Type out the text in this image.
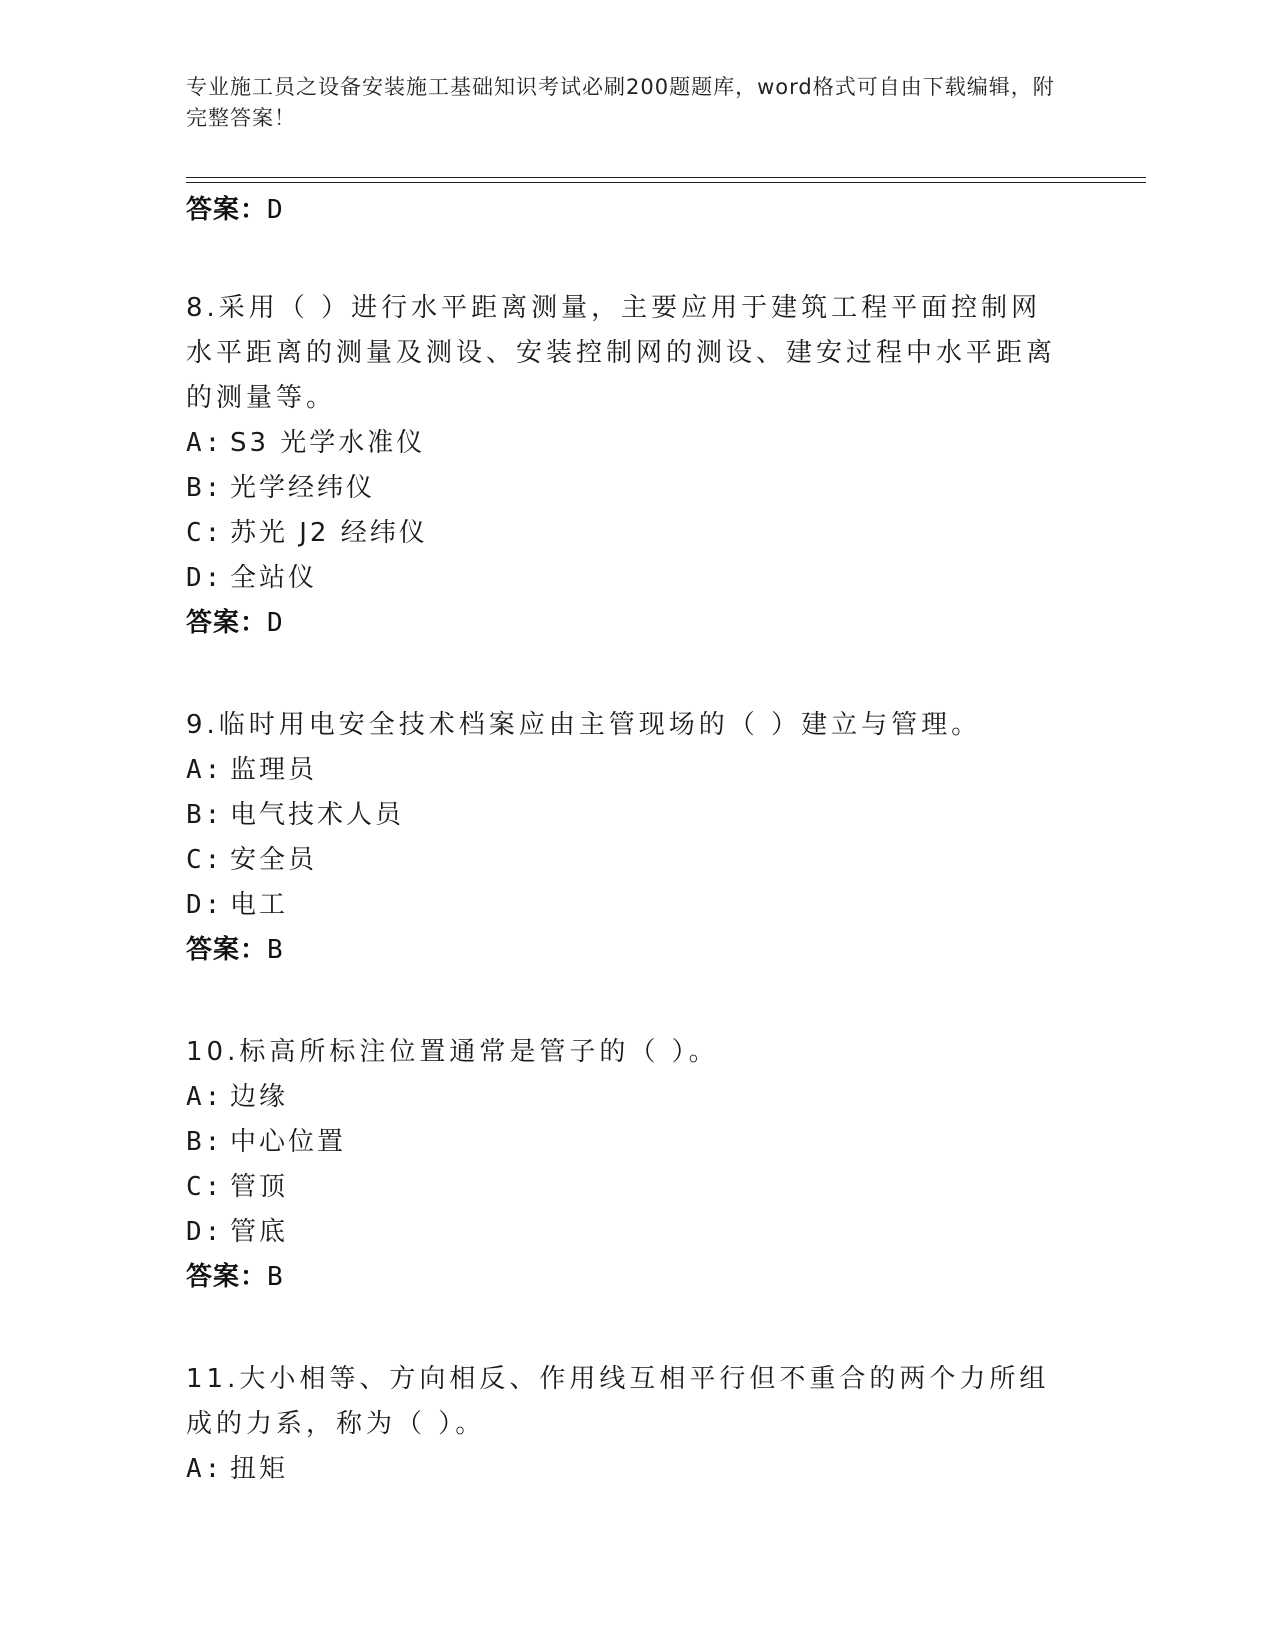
专业施工员之设备安装施工基础知识考试必刷200题题库，word格式可自由下载编辑，附完整答案！
答案：D
8.采用（ ）进行水平距离测量，主要应用于建筑工程平面控制网水平距离的测量及测设、安装控制网的测设、建安过程中水平距离的测量等。
A: S3 光学水准仪
B: 光学经纬仪
C: 苏光 J2 经纬仪
D: 全站仪
答案：D
9.临时用电安全技术档案应由主管现场的（ ）建立与管理。
A: 监理员
B: 电气技术人员
C: 安全员
D: 电工
答案：B
10.标高所标注位置通常是管子的（ ）。
A: 边缘
B: 中心位置
C: 管顶
D: 管底
答案：B
11.大小相等、方向相反、作用线互相平行但不重合的两个力所组成的力系，称为（ ）。
A: 扭矩
